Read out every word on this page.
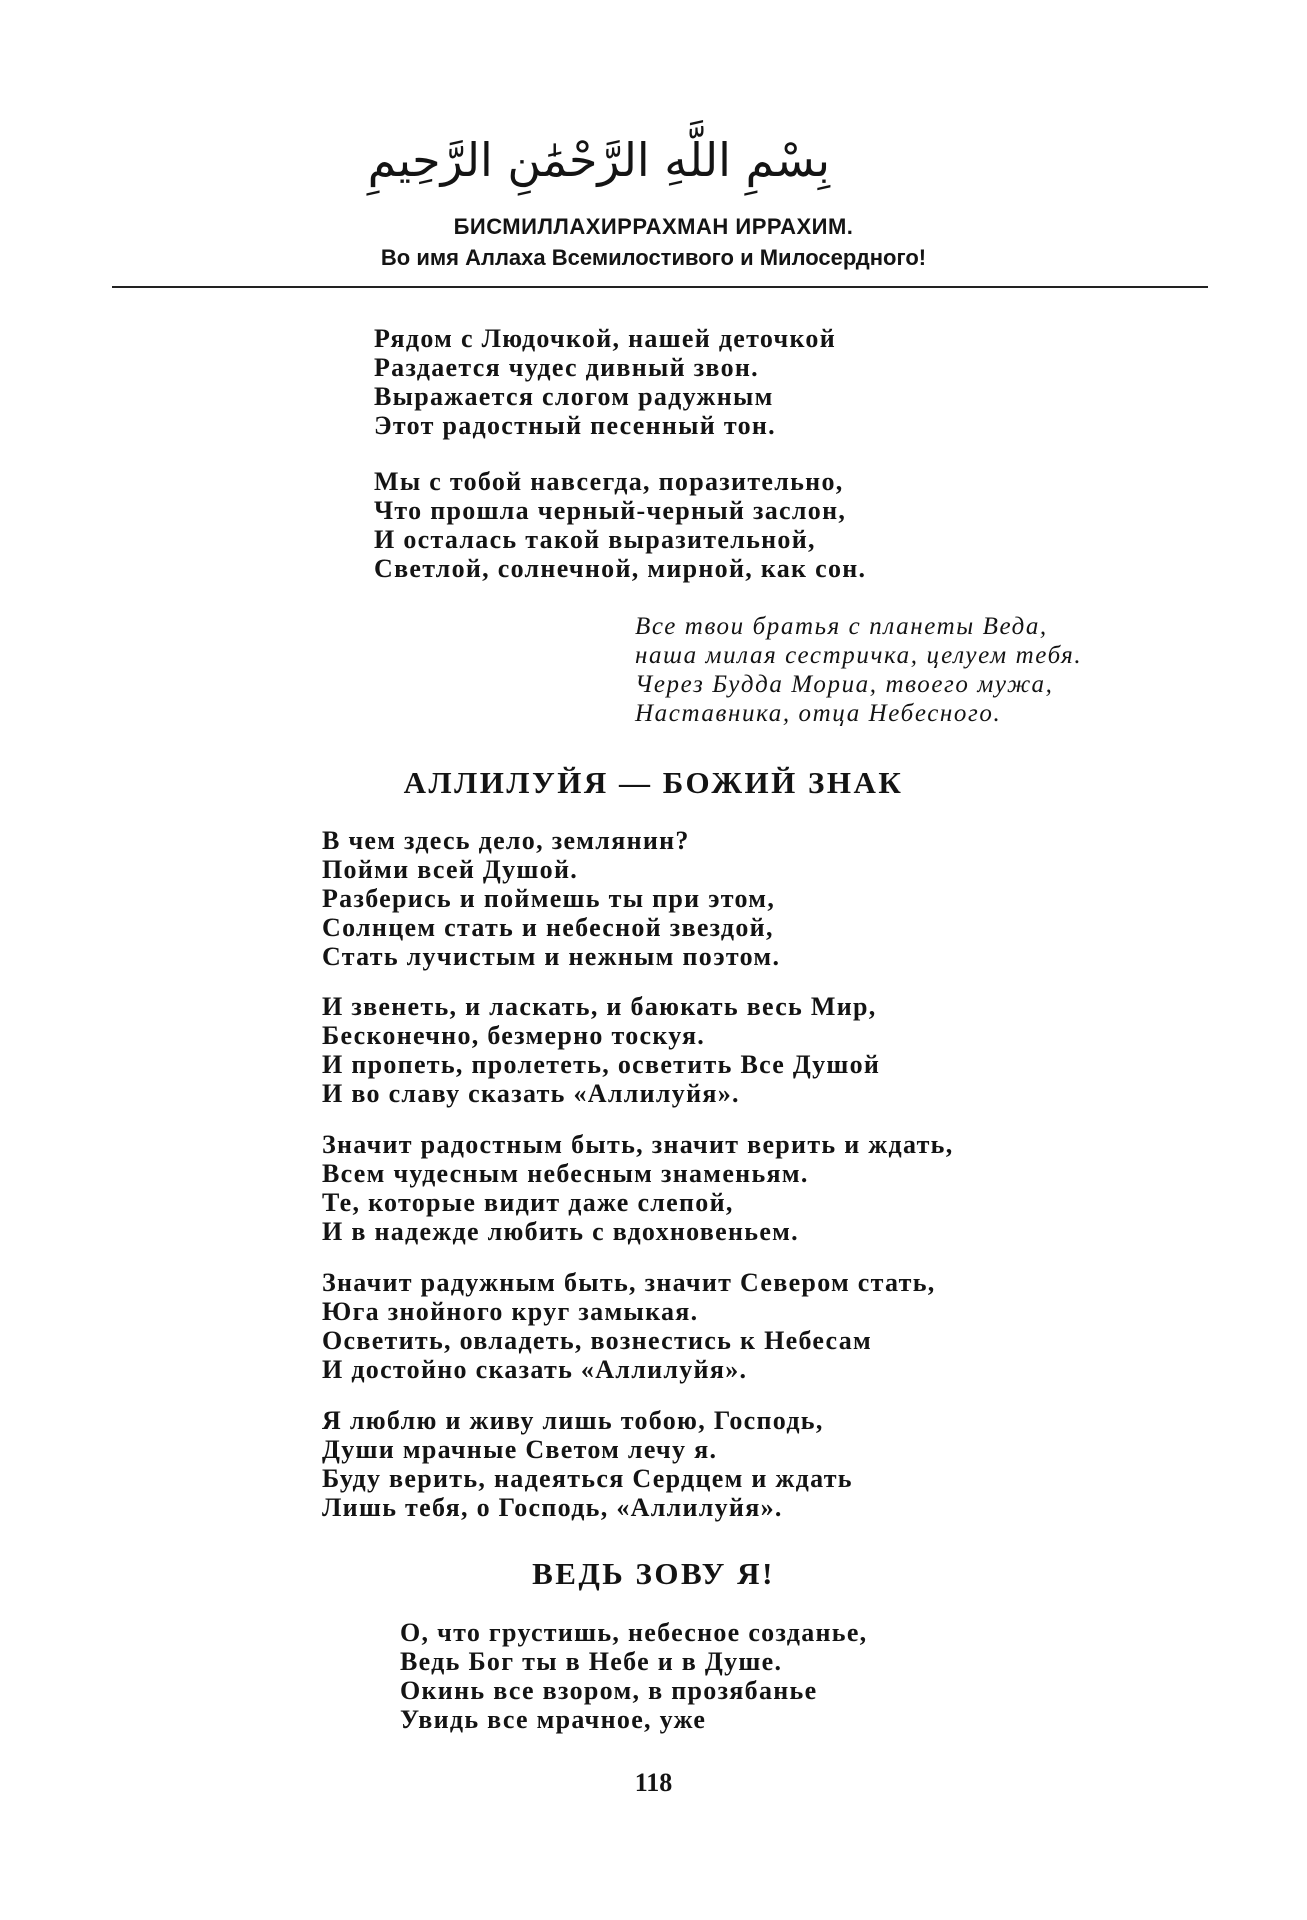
بِسْمِ اللَّهِ الرَّحْمَٰنِ الرَّحِيمِ
БИСМИЛЛАХИРРАХМАН ИРРАХИМ.
Во имя Аллаха Всемилостивого и Милосердного!
Рядом с Людочкой, нашей деточкой
Раздается чудес дивный звон.
Выражается слогом радужным
Этот радостный песенный тон.
Мы с тобой навсегда, поразительно,
Что прошла черный-черный заслон,
И осталась такой выразительной,
Светлой, солнечной, мирной, как сон.
Все твои братья с планеты Веда,
наша милая сестричка, целуем тебя.
Через Будда Мориа, твоего мужа,
Наставника, отца Небесного.
АЛЛИЛУЙЯ — БОЖИЙ ЗНАК
В чем здесь дело, землянин?
Пойми всей Душой.
Разберись и поймешь ты при этом,
Солнцем стать и небесной звездой,
Стать лучистым и нежным поэтом.
И звенеть, и ласкать, и баюкать весь Мир,
Бесконечно, безмерно тоскуя.
И пропеть, пролететь, осветить Все Душой
И во славу сказать «Аллилуйя».
Значит радостным быть, значит верить и ждать,
Всем чудесным небесным знаменьям.
Те, которые видит даже слепой,
И в надежде любить с вдохновеньем.
Значит радужным быть, значит Севером стать,
Юга знойного круг замыкая.
Осветить, овладеть, вознестись к Небесам
И достойно сказать «Аллилуйя».
Я люблю и живу лишь тобою, Господь,
Души мрачные Светом лечу я.
Буду верить, надеяться Сердцем и ждать
Лишь тебя, о Господь, «Аллилуйя».
ВЕДЬ ЗОВУ Я!
О, что грустишь, небесное созданье,
Ведь Бог ты в Небе и в Душе.
Окинь все взором, в прозябанье
Увидь все мрачное, уже
118
